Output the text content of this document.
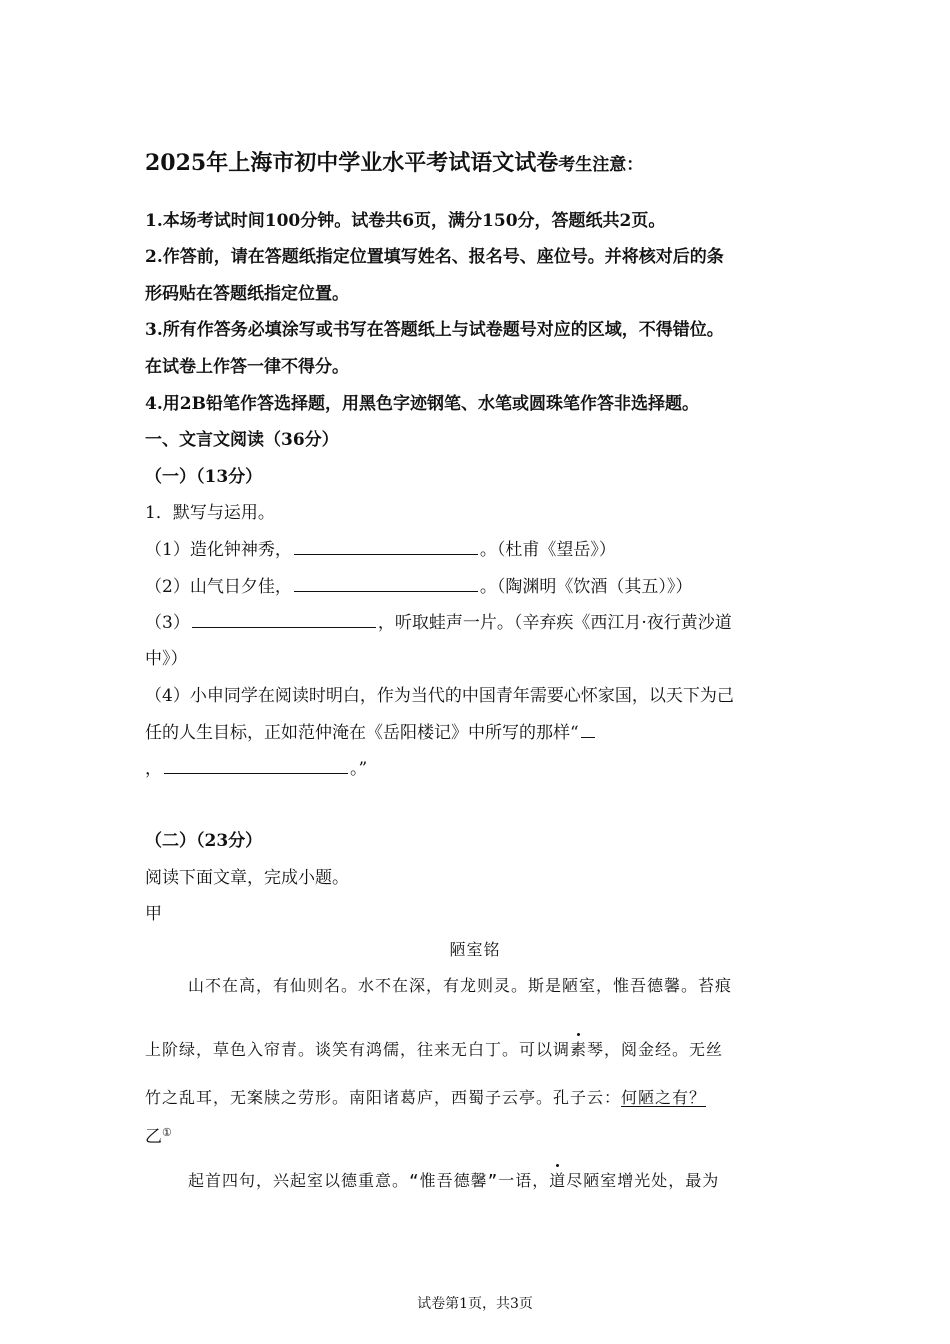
2025年上海市初中学业水平考试语文试卷考生注意：
1.本场考试时间100分钟。试卷共6页，满分150分，答题纸共2页。
2.作答前，请在答题纸指定位置填写姓名、报名号、座位号。并将核对后的条
形码贴在答题纸指定位置。
3.所有作答务必填涂写或书写在答题纸上与试卷题号对应的区域，不得错位。
在试卷上作答一律不得分。
4.用2B铅笔作答选择题，用黑色字迹钢笔、水笔或圆珠笔作答非选择题。
一、文言文阅读（36分）
（一）（13分）
1．默写与运用。
（1）造化钟神秀，	。（杜甫《望岳》）
（2）山气日夕佳，	。（陶渊明《饮酒（其五）》）
（3）	，听取蛙声一片。（辛弃疾《西江月·夜行黄沙道
中》）
（4）小申同学在阅读时明白，作为当代的中国青年需要心怀家国，以天下为己
任的人生目标，正如范仲淹在《岳阳楼记》中所写的那样“
，	。”
（二）（23分）
阅读下面文章，完成小题。
甲
陋室铭
山不在高，有仙则名。水不在深，有龙则灵。斯是陋室，惟吾德馨。苔痕
上阶绿，草色入帘青。谈笑有鸿儒，往来无白丁。可以调素琴，阅金经。无丝
竹之乱耳，无案牍之劳形。南阳诸葛庐，西蜀子云亭。孔子云：何陋之有？
乙①
起首四句，兴起室以德重意。“惟吾德馨”一语，道尽陋室增光处，最为
试卷第1页，共3页
